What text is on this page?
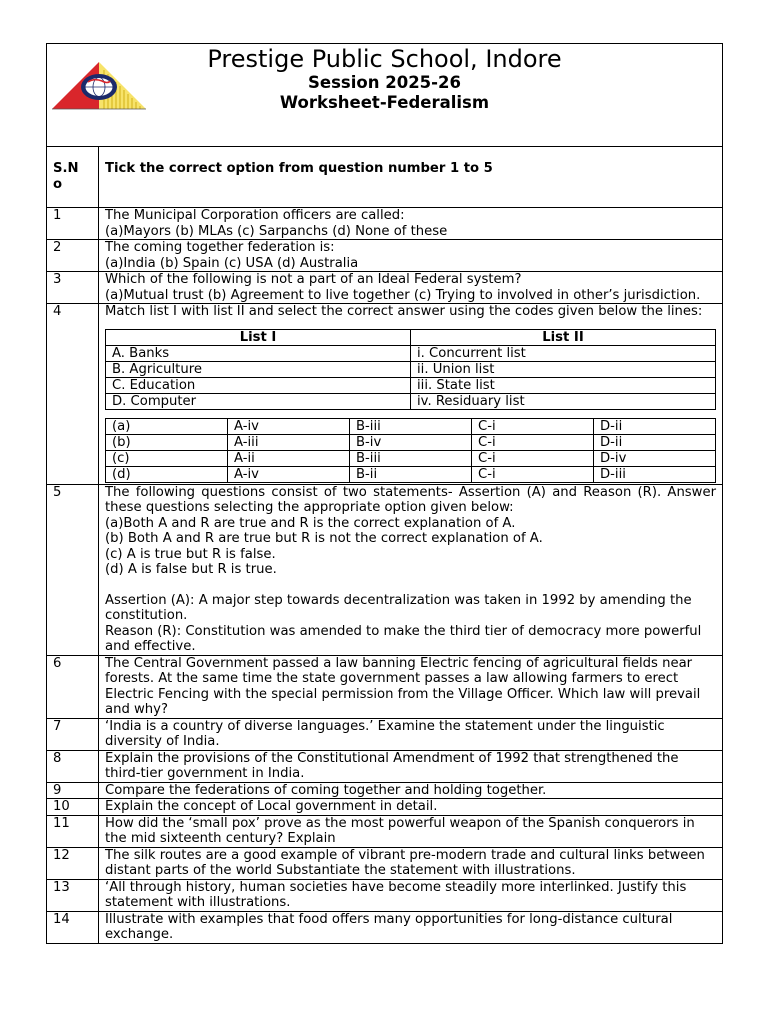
Prestige Public School, Indore
Session 2025-26
Worksheet-Federalism

S.No
	Tick the correct option from question number 1 to 5
1	The Municipal Corporation officers are called:
(a)Mayors (b) MLAs (c) Sarpanchs (d) None of these

2	The coming together federation is:
(a)India (b) Spain (c) USA (d) Australia

3	Which of the following is not a part of an Ideal Federal system?
(a)Mutual trust (b) Agreement to live together (c) Trying to involved in other’s jurisdiction.

4	Match list I with list II and select the correct answer using the codes given below the lines:
List I	List II
A. Banks	i. Concurrent list
B. Agriculture	ii. Union list
C. Education	iii. State list
D. Computer	iv. Residuary list
(a)	A-iv	B-iii	C-i	D-ii
(b)	A-iii	B-iv	C-i	D-ii
(c)	A-ii	B-iii	C-i	D-iv
(d)	A-iv	B-ii	C-i	D-iii

5	The following questions consist of two statements- Assertion (A) and Reason (R). Answer these questions selecting the appropriate option given below:
(a)Both A and R are true and R is the correct explanation of A.
(b) Both A and R are true but R is not the correct explanation of A.
(c) A is true but R is false.
(d) A is false but R is true.
Assertion (A): A major step towards decentralization was taken in 1992 by amending the constitution.
Reason (R): Constitution was amended to make the third tier of democracy more powerful and effective.

6	The Central Government passed a law banning Electric fencing of agricultural fields near forests. At the same time the state government passes a law allowing farmers to erect Electric Fencing with the special permission from the Village Officer. Which law will prevail and why?
7	‘India is a country of diverse languages.’ Examine the statement under the linguistic diversity of India.
8	Explain the provisions of the Constitutional Amendment of 1992 that strengthened the third-tier government in India.
9	Compare the federations of coming together and holding together.
10	Explain the concept of Local government in detail.
11	How did the ‘small pox’ prove as the most powerful weapon of the Spanish conquerors in the mid sixteenth century? Explain
12	The silk routes are a good example of vibrant pre-modern trade and cultural links between distant parts of the world Substantiate the statement with illustrations.
13	‘All through history, human societies have become steadily more interlinked. Justify this statement with illustrations.
14	Illustrate with examples that food offers many opportunities for long-distance cultural exchange.
